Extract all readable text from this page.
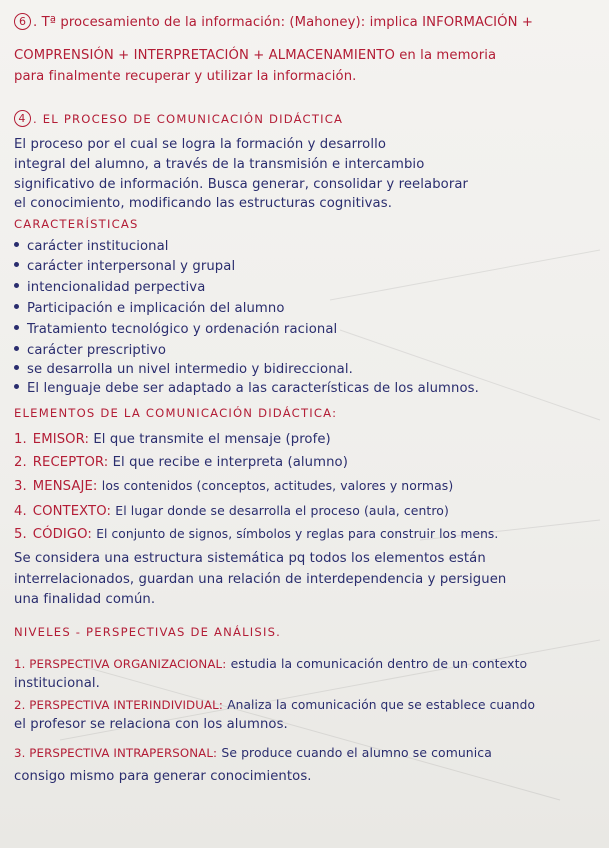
6 . Tª procesamiento de la información: (Mahoney): implica INFORMACIÓN +
COMPRENSIÓN + INTERPRETACIÓN + ALMACENAMIENTO en la memoria
para finalmente recuperar y utilizar la información.
4 . EL PROCESO DE COMUNICACIÓN DIDÁCTICA
El proceso por el cual se logra la formación y desarrollo
integral del alumno, a través de la transmisión e intercambio
significativo de información. Busca generar, consolidar y reelaborar
el conocimiento, modificando las estructuras cognitivas.
CARACTERÍSTICAS
carácter institucional
carácter interpersonal y grupal
intencionalidad perpectiva
Participación e implicación del alumno
Tratamiento tecnológico y ordenación racional
carácter prescriptivo
se desarrolla un nivel intermedio y bidireccional.
El lenguaje debe ser adaptado a las características de los alumnos.
ELEMENTOS DE LA COMUNICACIÓN DIDÁCTICA:
1. EMISOR: El que transmite el mensaje (profe)
2. RECEPTOR: El que recibe e interpreta (alumno)
3. MENSAJE: los contenidos (conceptos, actitudes, valores y normas)
4. CONTEXTO: El lugar donde se desarrolla el proceso (aula, centro)
5. CÓDIGO: El conjunto de signos, símbolos y reglas para construir los mens.
Se considera una estructura sistemática pq todos los elementos están
interrelacionados, guardan una relación de interdependencia y persiguen
una finalidad común.
NIVELES - PERSPECTIVAS DE ANÁLISIS.
1. PERSPECTIVA ORGANIZACIONAL: estudia la comunicación dentro de un contexto
institucional.
2. PERSPECTIVA INTERINDIVIDUAL: Analiza la comunicación que se establece cuando
el profesor se relaciona con los alumnos.
3. PERSPECTIVA INTRAPERSONAL: Se produce cuando el alumno se comunica
consigo mismo para generar conocimientos.
